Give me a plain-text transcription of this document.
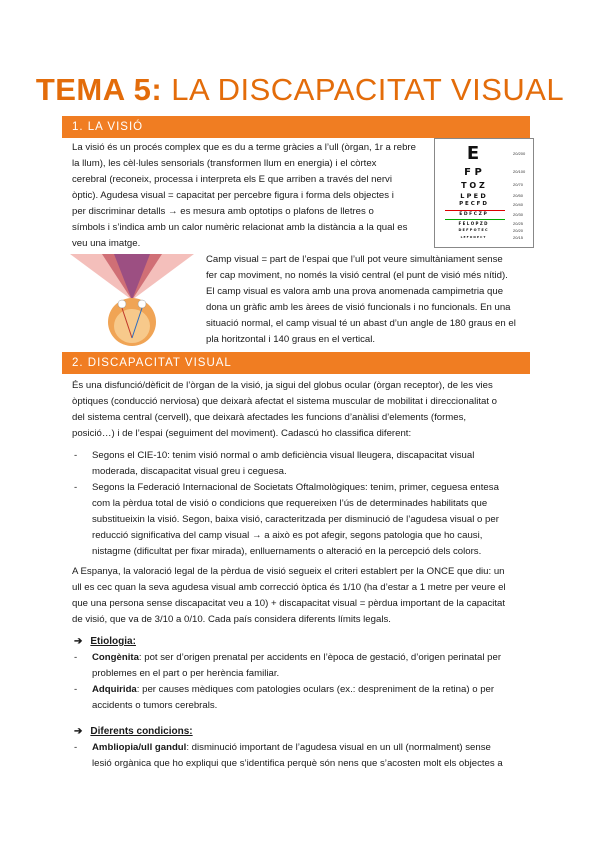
TEMA 5: LA DISCAPACITAT VISUAL
1. LA VISIÓ
La visió és un procés complex que es du a terme gràcies a l’ull (òrgan, 1r a rebre
la llum), les cèl·lules sensorials (transformen llum en energia) i el còrtex
cerebral (reconeix, processa i interpreta els E que arriben a través del nervi
òptic). Agudesa visual = capacitat per percebre figura i forma dels objectes i
per discriminar detalls → es mesura amb optotips o plafons de lletres o
símbols i s’indica amb un calor numèric relacionat amb la distància a la qual es
veu una imatge.
E
F P
T O Z
L P E D
P E C F D
E D F C Z P
F E L O P Z D
D E F P O T E C
L E F O D P C T
20/200
20/100
20/70
20/50
20/40
20/30
20/25
20/20
20/15
Camp visual = part de l’espai que l’ull pot veure simultàniament sense
fer cap moviment, no només la visió central (el punt de visió més nítid).
El camp visual es valora amb una prova anomenada campimetria que
dona un gràfic amb les àrees de visió funcionals i no funcionals. En una
situació normal, el camp visual té un abast d’un angle de 180 graus en el
pla horitzontal i 140 graus en el vertical.
2. DISCAPACITAT VISUAL
És una disfunció/dèficit de l’òrgan de la visió, ja sigui del globus ocular (òrgan receptor), de les vies
òptiques (conducció nerviosa) que deixarà afectat el sistema muscular de mobilitat i direccionalitat o
del sistema central (cervell), que deixarà afectades les funcions d’anàlisi d’elements (formes,
posició…) i de l’espai (seguiment del moviment). Cadascú ho classifica diferent:
- Segons el CIE-10: tenim visió normal o amb deficiència visual lleugera, discapacitat visual
moderada, discapacitat visual greu i ceguesa.
- Segons la Federació Internacional de Societats Oftalmològiques: tenim, primer, ceguesa entesa
com la pèrdua total de visió o condicions que requereixen l’ús de determinades habilitats que
substitueixin la visió. Segon, baixa visió, caracteritzada per disminució de l’agudesa visual o per
reducció significativa del camp visual → a això es pot afegir, segons patologia que ho causi,
nistagme (dificultat per fixar mirada), enlluernaments o alteració en la percepció dels colors.
A Espanya, la valoració legal de la pèrdua de visió segueix el criteri establert per la ONCE que diu: un
ull es cec quan la seva agudesa visual amb correcció òptica és 1/10 (ha d’estar a 1 metre per veure el
que una persona sense discapacitat veu a 10) + discapacitat visual = pèrdua important de la capacitat
de visió, que va de 3/10 a 0/10. Cada país considera diferents límits legals.
➔ Etiologia:
- Congènita: pot ser d’origen prenatal per accidents en l’època de gestació, d’origen perinatal per
problemes en el part o per herència familiar.
- Adquirida: per causes mèdiques com patologies oculars (ex.: despreniment de la retina) o per
accidents o tumors cerebrals.
➔ Diferents condicions:
- Ambliopia/ull gandul: disminució important de l’agudesa visual en un ull (normalment) sense
lesió orgànica que ho expliqui que s’identifica perquè són nens que s’acosten molt els objectes a
